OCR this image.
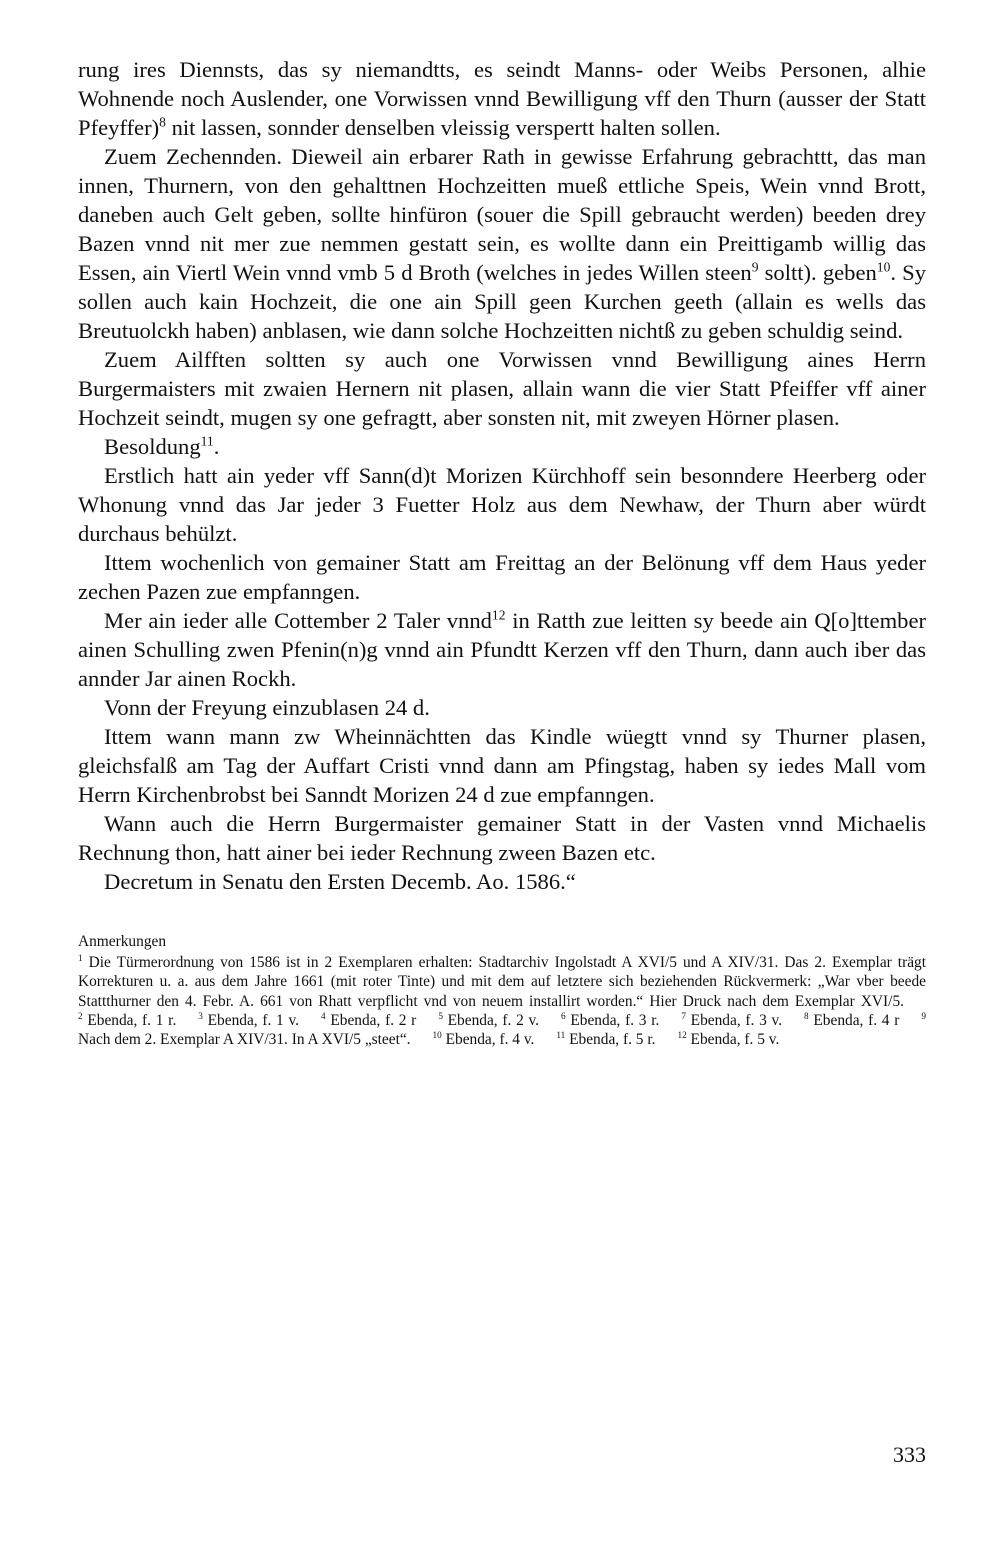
rung ires Diennsts, das sy niemandtts, es seindt Manns- oder Weibs Personen, alhie Wohnende noch Auslender, one Vorwissen vnnd Bewilligung vff den Thurn (ausser der Statt Pfeyffer)$^8$ nit lassen, sonnder denselben vleissig verspertt halten sollen.

Zuem Zechennden. Dieweil ain erbarer Rath in gewisse Erfahrung gebrachttt, das man innen, Thurnern, von den gehalttnen Hochzeitten mueß ettliche Speis, Wein vnnd Brott, daneben auch Gelt geben, sollte hinfüron (souer die Spill gebraucht werden) beeden drey Bazen vnnd nit mer zue nemmen gestatt sein, es wollte dann ein Preittigamb willig das Essen, ain Viertl Wein vnnd vmb 5 d Broth (welches in jedes Willen steen$^9$ soltt). geben$^{10}$. Sy sollen auch kain Hochzeit, die one ain Spill geen Kurchen geeth (allain es wells das Breutuolckh haben) anblasen, wie dann solche Hochzeitten nichtß zu geben schuldig seind.

Zuem Ailfften soltten sy auch one Vorwissen vnnd Bewilligung aines Herrn Burgermaisters mit zwaien Hernern nit plasen, allain wann die vier Statt Pfeiffer vff ainer Hochzeit seindt, mugen sy one gefragtt, aber sonsten nit, mit zweyen Hörner plasen.

Besoldung$^{11}$.

Erstlich hatt ain yeder vff Sann(d)t Morizen Kürchhoff sein besonndere Heerberg oder Whonung vnnd das Jar jeder 3 Fuetter Holz aus dem Newhaw, der Thurn aber würdt durchaus behülzt.

Ittem wochenlich von gemainer Statt am Freittag an der Belönung vff dem Haus yeder zechen Pazen zue empfanngen.

Mer ain ieder alle Cottember 2 Taler vnnd$^{12}$ in Ratth zue leitten sy beede ain Q[o]ttember ainen Schulling zwen Pfenin(n)g vnnd ain Pfundtt Kerzen vff den Thurn, dann auch iber das annder Jar ainen Rockh.

Vonn der Freyung einzublasen 24 d.

Ittem wann mann zw Wheinnächtten das Kindle wüegtt vnnd sy Thurner plasen, gleichsfalß am Tag der Auffart Cristi vnnd dann am Pfingstag, haben sy iedes Mall vom Herrn Kirchenbrobst bei Sanndt Morizen 24 d zue empfanngen.

Wann auch die Herrn Burgermaister gemainer Statt in der Vasten vnnd Michaelis Rechnung thon, hatt ainer bei ieder Rechnung zween Bazen etc.

Decretum in Senatu den Ersten Decemb. Ao. 1586.“

Anmerkungen

$^1$ Die Türmerordnung von 1586 ist in 2 Exemplaren erhalten: Stadtarchiv Ingolstadt A XVI/5 und A XIV/31. Das 2. Exemplar trägt Korrekturen u. a. aus dem Jahre 1661 (mit roter Tinte) und mit dem auf letztere sich beziehenden Rückvermerk: „War vber beede Stattthurner den 4. Febr. A. 661 von Rhatt verpflicht vnd von neuem installirt worden.“ Hier Druck nach dem Exemplar XVI/5.$^2$ Ebenda, f. 1 r. $^3$ Ebenda, f. 1 v. $^4$ Ebenda, f. 2 r $^5$ Ebenda, f. 2 v. $^6$ Ebenda, f. 3 r. $^7$ Ebenda, f. 3 v. $^8$ Ebenda, f. 4 r $^9$ Nach dem 2. Exemplar A XIV/31. In A XVI/5 „steet“. $^{10}$ Ebenda, f. 4 v. $^{11}$ Ebenda, f. 5 r. $^{12}$ Ebenda, f. 5 v.

333
